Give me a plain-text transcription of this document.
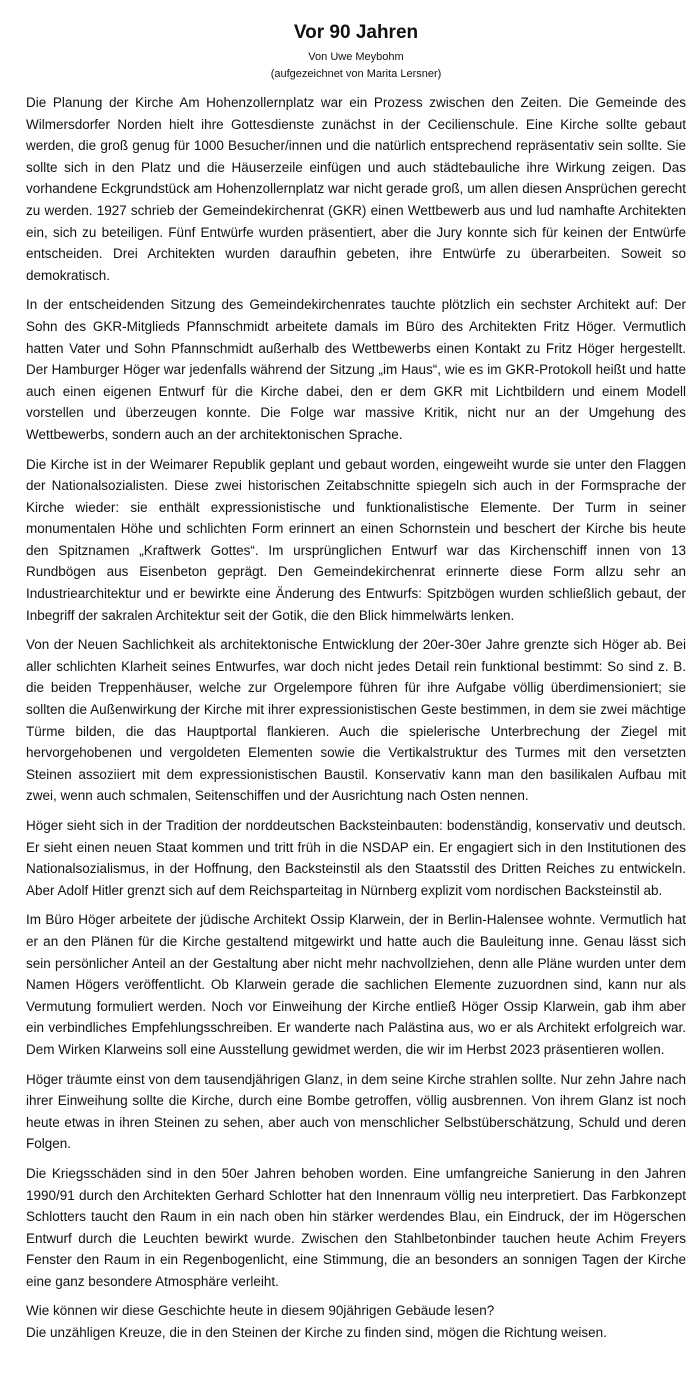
Vor 90 Jahren

Von Uwe Meybohm

(aufgezeichnet von Marita Lersner)

Die Planung der Kirche Am Hohenzollernplatz war ein Prozess zwischen den Zeiten. Die Gemeinde des Wilmersdorfer Norden hielt ihre Gottesdienste zunächst in der Cecilienschule. Eine Kirche sollte gebaut werden, die groß genug für 1000 Besucher/innen und die natürlich entsprechend repräsentativ sein sollte. Sie sollte sich in den Platz und die Häuserzeile einfügen und auch städtebauliche ihre Wirkung zeigen. Das vorhandene Eckgrundstück am Hohenzollernplatz war nicht gerade groß, um allen diesen Ansprüchen gerecht zu werden. 1927 schrieb der Gemeindekirchenrat (GKR) einen Wettbewerb aus und lud namhafte Architekten ein, sich zu beteiligen. Fünf Entwürfe wurden präsentiert, aber die Jury konnte sich für keinen der Entwürfe entscheiden. Drei Architekten wurden daraufhin gebeten, ihre Entwürfe zu überarbeiten. Soweit so demokratisch.

In der entscheidenden Sitzung des Gemeindekirchenrates tauchte plötzlich ein sechster Architekt auf: Der Sohn des GKR-Mitglieds Pfannschmidt arbeitete damals im Büro des Architekten Fritz Höger. Vermutlich hatten Vater und Sohn Pfannschmidt außerhalb des Wettbewerbs einen Kontakt zu Fritz Höger hergestellt. Der Hamburger Höger war jedenfalls während der Sitzung „im Haus“, wie es im GKR-Protokoll heißt und hatte auch einen eigenen Entwurf für die Kirche dabei, den er dem GKR mit Lichtbildern und einem Modell vorstellen und überzeugen konnte. Die Folge war massive Kritik, nicht nur an der Umgehung des Wettbewerbs, sondern auch an der architektonischen Sprache.

Die Kirche ist in der Weimarer Republik geplant und gebaut worden, eingeweiht wurde sie unter den Flaggen der Nationalsozialisten. Diese zwei historischen Zeitabschnitte spiegeln sich auch in der Formsprache der Kirche wieder: sie enthält expressionistische und funktionalistische Elemente. Der Turm in seiner monumentalen Höhe und schlichten Form erinnert an einen Schornstein und beschert der Kirche bis heute den Spitznamen „Kraftwerk Gottes“. Im ursprünglichen Entwurf war das Kirchenschiff innen von 13 Rundbögen aus Eisenbeton geprägt. Den Gemeindekirchenrat erinnerte diese Form allzu sehr an Industriearchitektur und er bewirkte eine Änderung des Entwurfs: Spitzbögen wurden schließlich gebaut, der Inbegriff der sakralen Architektur seit der Gotik, die den Blick himmelwärts lenken.

Von der Neuen Sachlichkeit als architektonische Entwicklung der 20er-30er Jahre grenzte sich Höger ab. Bei aller schlichten Klarheit seines Entwurfes, war doch nicht jedes Detail rein funktional bestimmt: So sind z. B. die beiden Treppenhäuser, welche zur Orgelempore führen für ihre Aufgabe völlig überdimensioniert; sie sollten die Außenwirkung der Kirche mit ihrer expressionistischen Geste bestimmen, in dem sie zwei mächtige Türme bilden, die das Hauptportal flankieren. Auch die spielerische Unterbrechung der Ziegel mit hervorgehobenen und vergoldeten Elementen sowie die Vertikalstruktur des Turmes mit den versetzten Steinen assoziiert mit dem expressionistischen Baustil. Konservativ kann man den basilikalen Aufbau mit zwei, wenn auch schmalen, Seitenschiffen und der Ausrichtung nach Osten nennen.

Höger sieht sich in der Tradition der norddeutschen Backsteinbauten: bodenständig, konservativ und deutsch. Er sieht einen neuen Staat kommen und tritt früh in die NSDAP ein. Er engagiert sich in den Institutionen des Nationalsozialismus, in der Hoffnung, den Backsteinstil als den Staatsstil des Dritten Reiches zu entwickeln. Aber Adolf Hitler grenzt sich auf dem Reichsparteitag in Nürnberg explizit vom nordischen Backsteinstil ab.

Im Büro Höger arbeitete der jüdische Architekt Ossip Klarwein, der in Berlin-Halensee wohnte. Vermutlich hat er an den Plänen für die Kirche gestaltend mitgewirkt und hatte auch die Bauleitung inne. Genau lässt sich sein persönlicher Anteil an der Gestaltung aber nicht mehr nachvollziehen, denn alle Pläne wurden unter dem Namen Högers veröffentlicht. Ob Klarwein gerade die sachlichen Elemente zuzuordnen sind, kann nur als Vermutung formuliert werden. Noch vor Einweihung der Kirche entließ Höger Ossip Klarwein, gab ihm aber ein verbindliches Empfehlungsschreiben. Er wanderte nach Palästina aus, wo er als Architekt erfolgreich war. Dem Wirken Klarweins soll eine Ausstellung gewidmet werden, die wir im Herbst 2023 präsentieren wollen.

Höger träumte einst von dem tausendjährigen Glanz, in dem seine Kirche strahlen sollte. Nur zehn Jahre nach ihrer Einweihung sollte die Kirche, durch eine Bombe getroffen, völlig ausbrennen. Von ihrem Glanz ist noch heute etwas in ihren Steinen zu sehen, aber auch von menschlicher Selbstüberschätzung, Schuld und deren Folgen.

Die Kriegsschäden sind in den 50er Jahren behoben worden. Eine umfangreiche Sanierung in den Jahren 1990/91 durch den Architekten Gerhard Schlotter hat den Innenraum völlig neu interpretiert. Das Farbkonzept Schlotters taucht den Raum in ein nach oben hin stärker werdendes Blau, ein Eindruck, der im Högerschen Entwurf durch die Leuchten bewirkt wurde. Zwischen den Stahlbetonbinder tauchen heute Achim Freyers Fenster den Raum in ein Regenbogenlicht, eine Stimmung, die an besonders an sonnigen Tagen der Kirche eine ganz besondere Atmosphäre verleiht.

Wie können wir diese Geschichte heute in diesem 90jährigen Gebäude lesen?

Die unzähligen Kreuze, die in den Steinen der Kirche zu finden sind, mögen die Richtung weisen.
